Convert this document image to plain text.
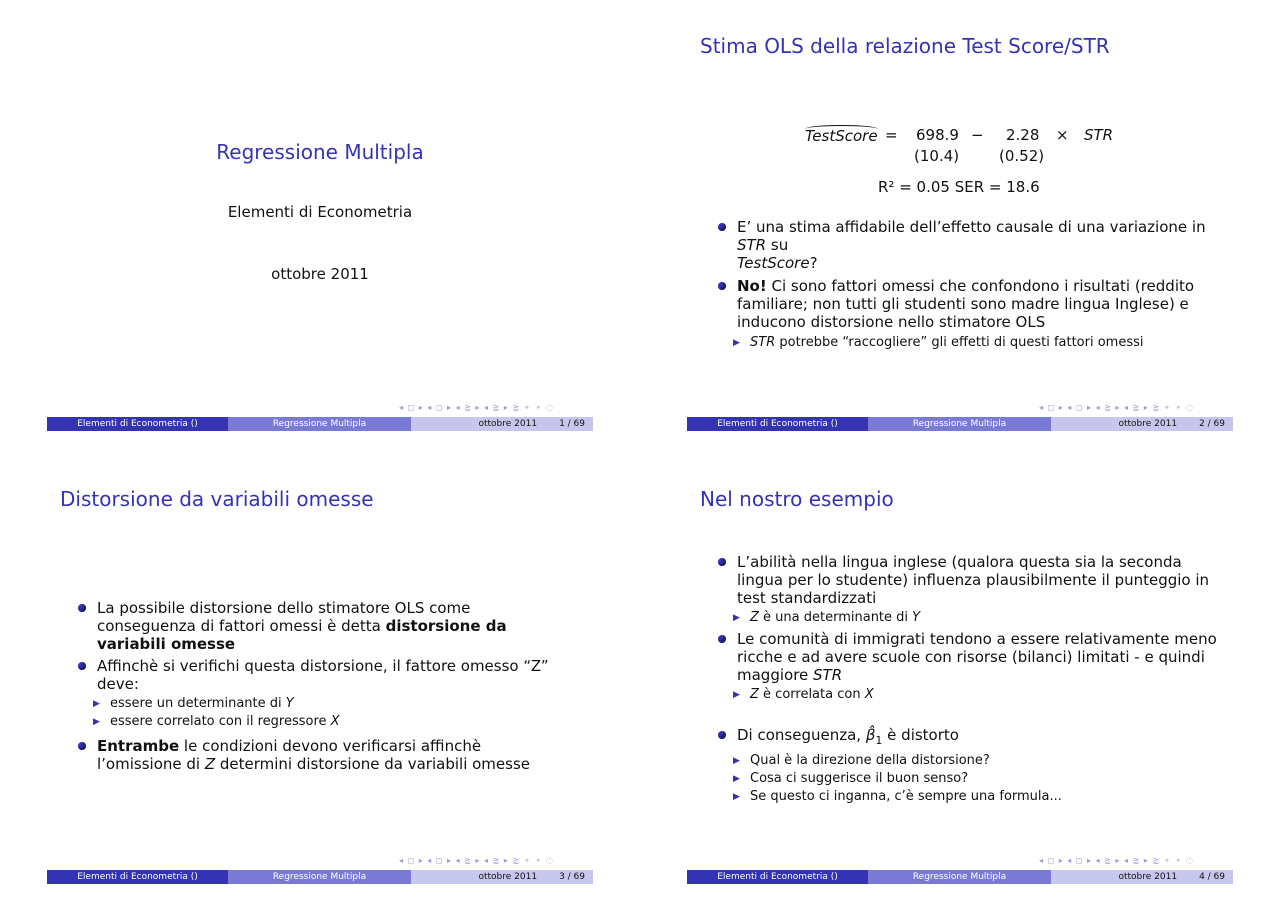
Regressione Multipla
Elementi di Econometria
ottobre 2011
◂ ◻ ▸ ◂ ◻ ▸ ◂ ≧ ▸ ◂ ≧ ▸ ≧ ⚬ ⚬ ◌
Elementi di Econometria ()	Regressione Multipla	ottobre 2011 1 / 69
Stima OLS della relazione Test Score/STR
TestScore = 698.9 − 2.28 × STR
(10.4)	(0.52)
R² = 0.05 SER = 18.6
E’ una stima affidabile dell’effetto causale di una variazione in STR su
TestScore?
No! Ci sono fattori omessi che confondono i risultati (reddito familiare; non tutti gli studenti sono madre lingua Inglese) e inducono distorsione nello stimatore OLS
▶ STR potrebbe “raccogliere” gli effetti di questi fattori omessi
◂ ◻ ▸ ◂ ◻ ▸ ◂ ≧ ▸ ◂ ≧ ▸ ≧ ⚬ ⚬ ◌
Elementi di Econometria ()	Regressione Multipla	ottobre 2011 2 / 69
Distorsione da variabili omesse
La possibile distorsione dello stimatore OLS come conseguenza di fattori omessi è detta distorsione da variabili omesse
Affinchè si verifichi questa distorsione, il fattore omesso “Z” deve:
▶ essere un determinante di Y
▶ essere correlato con il regressore X
Entrambe le condizioni devono verificarsi affinchè l’omissione di Z determini distorsione da variabili omesse
◂ ◻ ▸ ◂ ◻ ▸ ◂ ≧ ▸ ◂ ≧ ▸ ≧ ⚬ ⚬ ◌
Elementi di Econometria ()	Regressione Multipla	ottobre 2011 3 / 69
Nel nostro esempio
L’abilità nella lingua inglese (qualora questa sia la seconda lingua per lo studente) influenza plausibilmente il punteggio in test standardizzati
▶ Z è una determinante di Y
Le comunità di immigrati tendono a essere relativamente meno ricche e ad avere scuole con risorse (bilanci) limitati - e quindi maggiore STR
▶ Z è correlata con X
Di conseguenza, $\betâ_1$ è distorto
▶ Qual è la direzione della distorsione?
▶ Cosa ci suggerisce il buon senso?
▶ Se questo ci inganna, c’è sempre una formula...
◂ ◻ ▸ ◂ ◻ ▸ ◂ ≧ ▸ ◂ ≧ ▸ ≧ ⚬ ⚬ ◌
Elementi di Econometria ()	Regressione Multipla	ottobre 2011 4 / 69
